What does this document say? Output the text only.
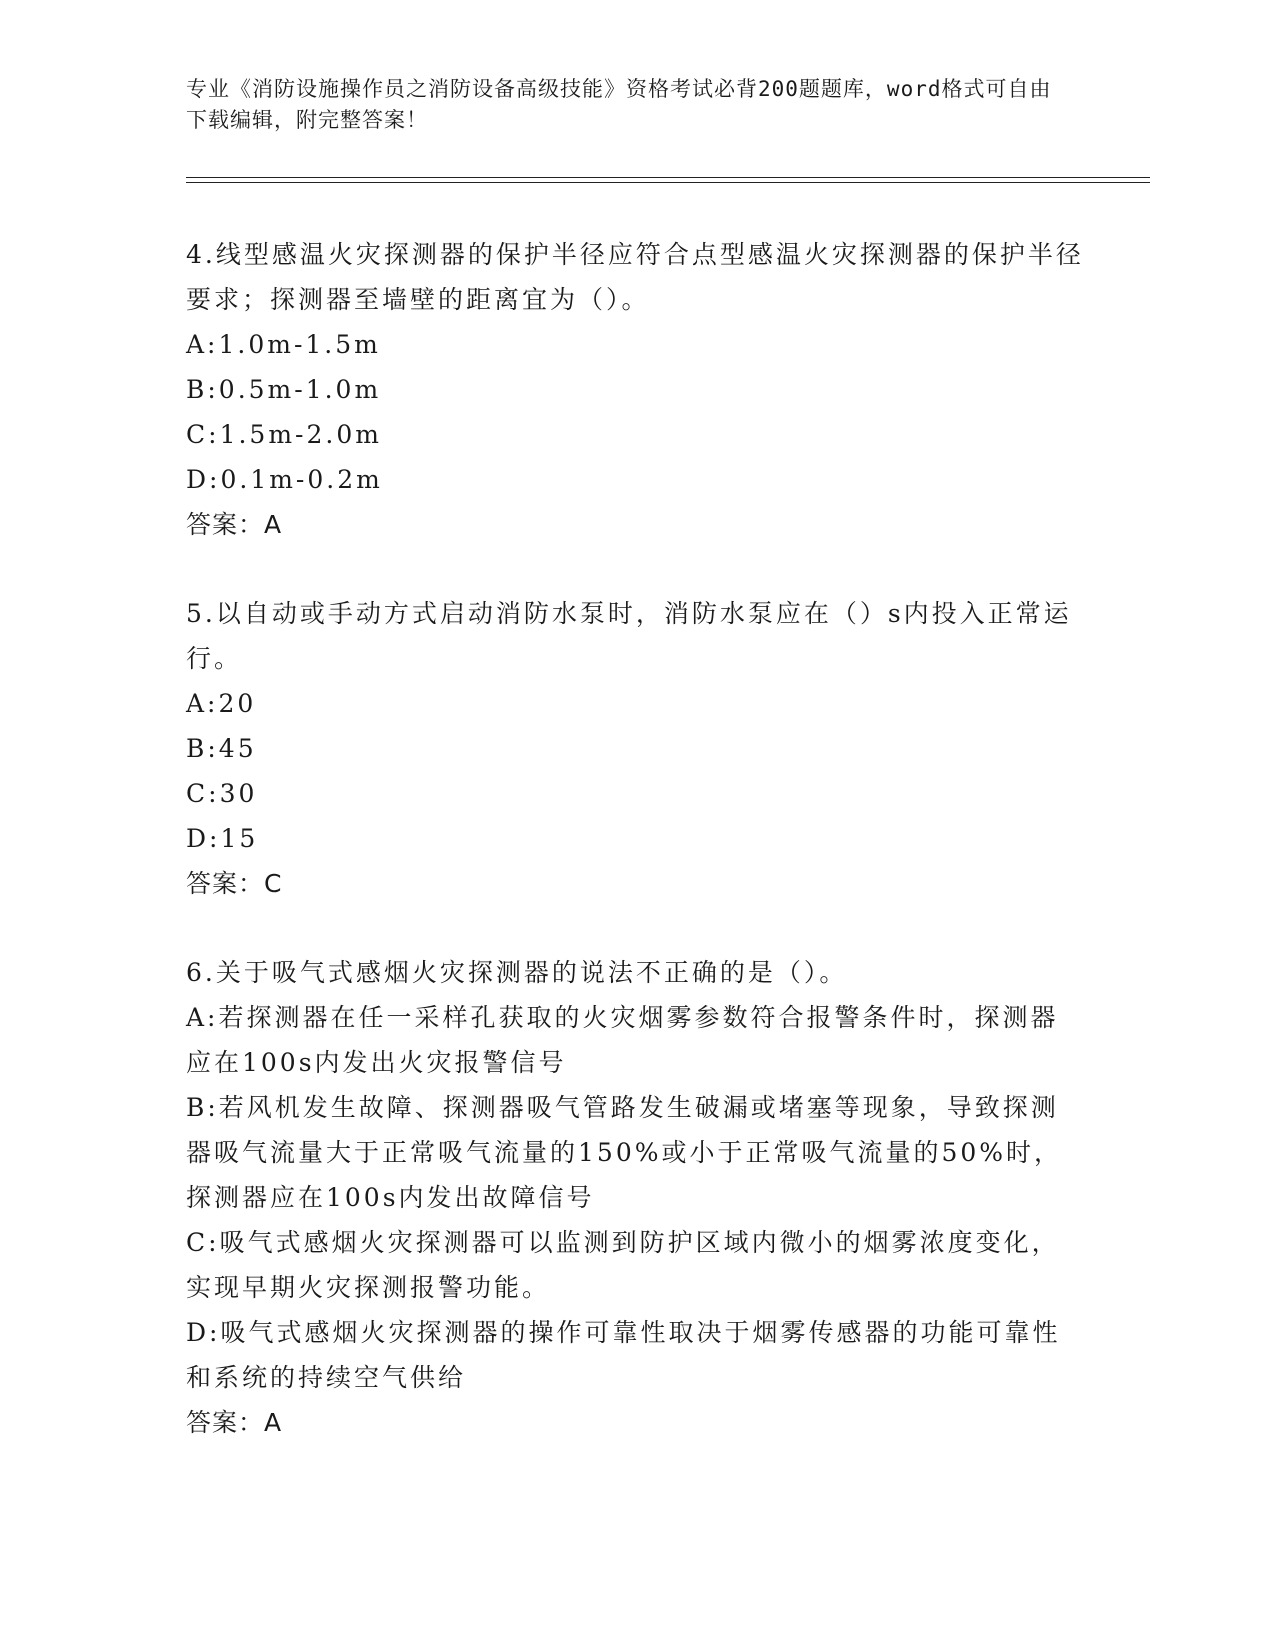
专业《消防设施操作员之消防设备高级技能》资格考试必背200题题库，word格式可自由下载编辑，附完整答案！

4.线型感温火灾探测器的保护半径应符合点型感温火灾探测器的保护半径要求；探测器至墙壁的距离宜为（）。

A:1.0m-1.5m

B:0.5m-1.0m

C:1.5m-2.0m

D:0.1m-0.2m

答案：A

5.以自动或手动方式启动消防水泵时，消防水泵应在（）s内投入正常运行。

A:20

B:45

C:30

D:15

答案：C

6.关于吸气式感烟火灾探测器的说法不正确的是（）。

A:若探测器在任一采样孔获取的火灾烟雾参数符合报警条件时，探测器应在100s内发出火灾报警信号

B:若风机发生故障、探测器吸气管路发生破漏或堵塞等现象，导致探测器吸气流量大于正常吸气流量的150%或小于正常吸气流量的50%时，探测器应在100s内发出故障信号

C:吸气式感烟火灾探测器可以监测到防护区域内微小的烟雾浓度变化，实现早期火灾探测报警功能。

D:吸气式感烟火灾探测器的操作可靠性取决于烟雾传感器的功能可靠性和系统的持续空气供给

答案：A
